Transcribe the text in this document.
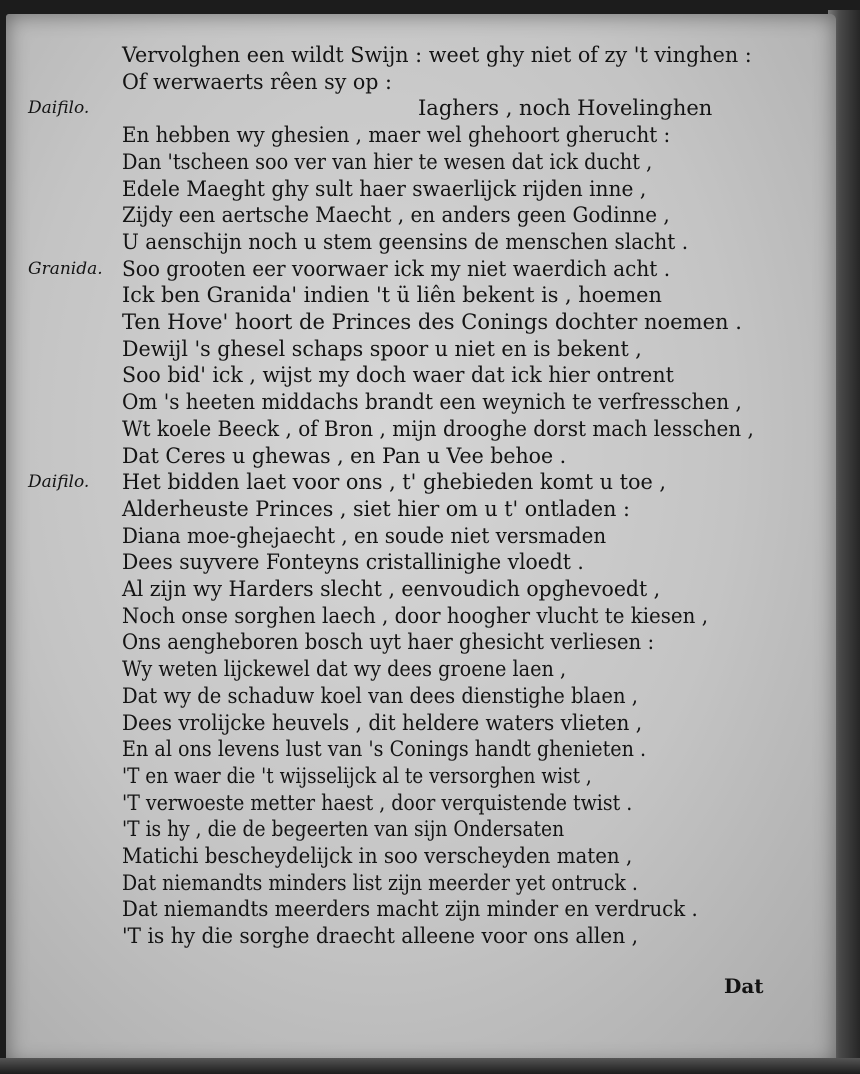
Vervolghen een wildt Swijn : weet ghy niet of zy 't vinghen :
Of werwaerts rêen sy op :
Daifilo.	Iaghers , noch Hovelinghen
En hebben wy ghesien , maer wel ghehoort gherucht :
Dan 'tscheen soo ver van hier te wesen dat ick ducht ,
Edele Maeght ghy sult haer swaerlijck rijden inne ,
Zijdy een aertsche Maecht , en anders geen Godinne ,
U aenschijn noch u stem geensins de menschen slacht .
Granida. Soo grooten eer voorwaer ick my niet waerdich acht .
Ick ben Granida' indien 't ü liên bekent is , hoemen
Ten Hove' hoort de Princes des Conings dochter noemen .
Dewijl 's ghesel schaps spoor u niet en is bekent ,
Soo bid' ick , wijst my doch waer dat ick hier ontrent
Om 's heeten middachs brandt een weynich te verfresschen ,
Wt koele Beeck , of Bron , mijn drooghe dorst mach lesschen ,
Dat Ceres u ghewas , en Pan u Vee behoe .
Daifilo. Het bidden laet voor ons , t' ghebieden komt u toe ,
Alderheuste Princes , siet hier om u t' ontladen :
Diana moe-ghejaecht , en soude niet versmaden
Dees suyvere Fonteyns cristallinighe vloedt .
Al zijn wy Harders slecht , eenvoudich opghevoedt ,
Noch onse sorghen laech , door hoogher vlucht te kiesen ,
Ons aengheboren bosch uyt haer ghesicht verliesen :
Wy weten lijckewel dat wy dees groene laen ,
Dat wy de schaduw koel van dees dienstighe blaen ,
Dees vrolijcke heuvels , dit heldere waters vlieten ,
En al ons levens lust van 's Conings handt ghenieten .
'T en waer die 't wijsselijck al te versorghen wist ,
'T verwoeste metter haest , door verquistende twist .
'T is hy , die de begeerten van sijn Ondersaten
Matichi bescheydelijck in soo verscheyden maten ,
Dat niemandts minders list zijn meerder yet ontruck .
Dat niemandts meerders macht zijn minder en verdruck .
'T is hy die sorghe draecht alleene voor ons allen ,
Dat
